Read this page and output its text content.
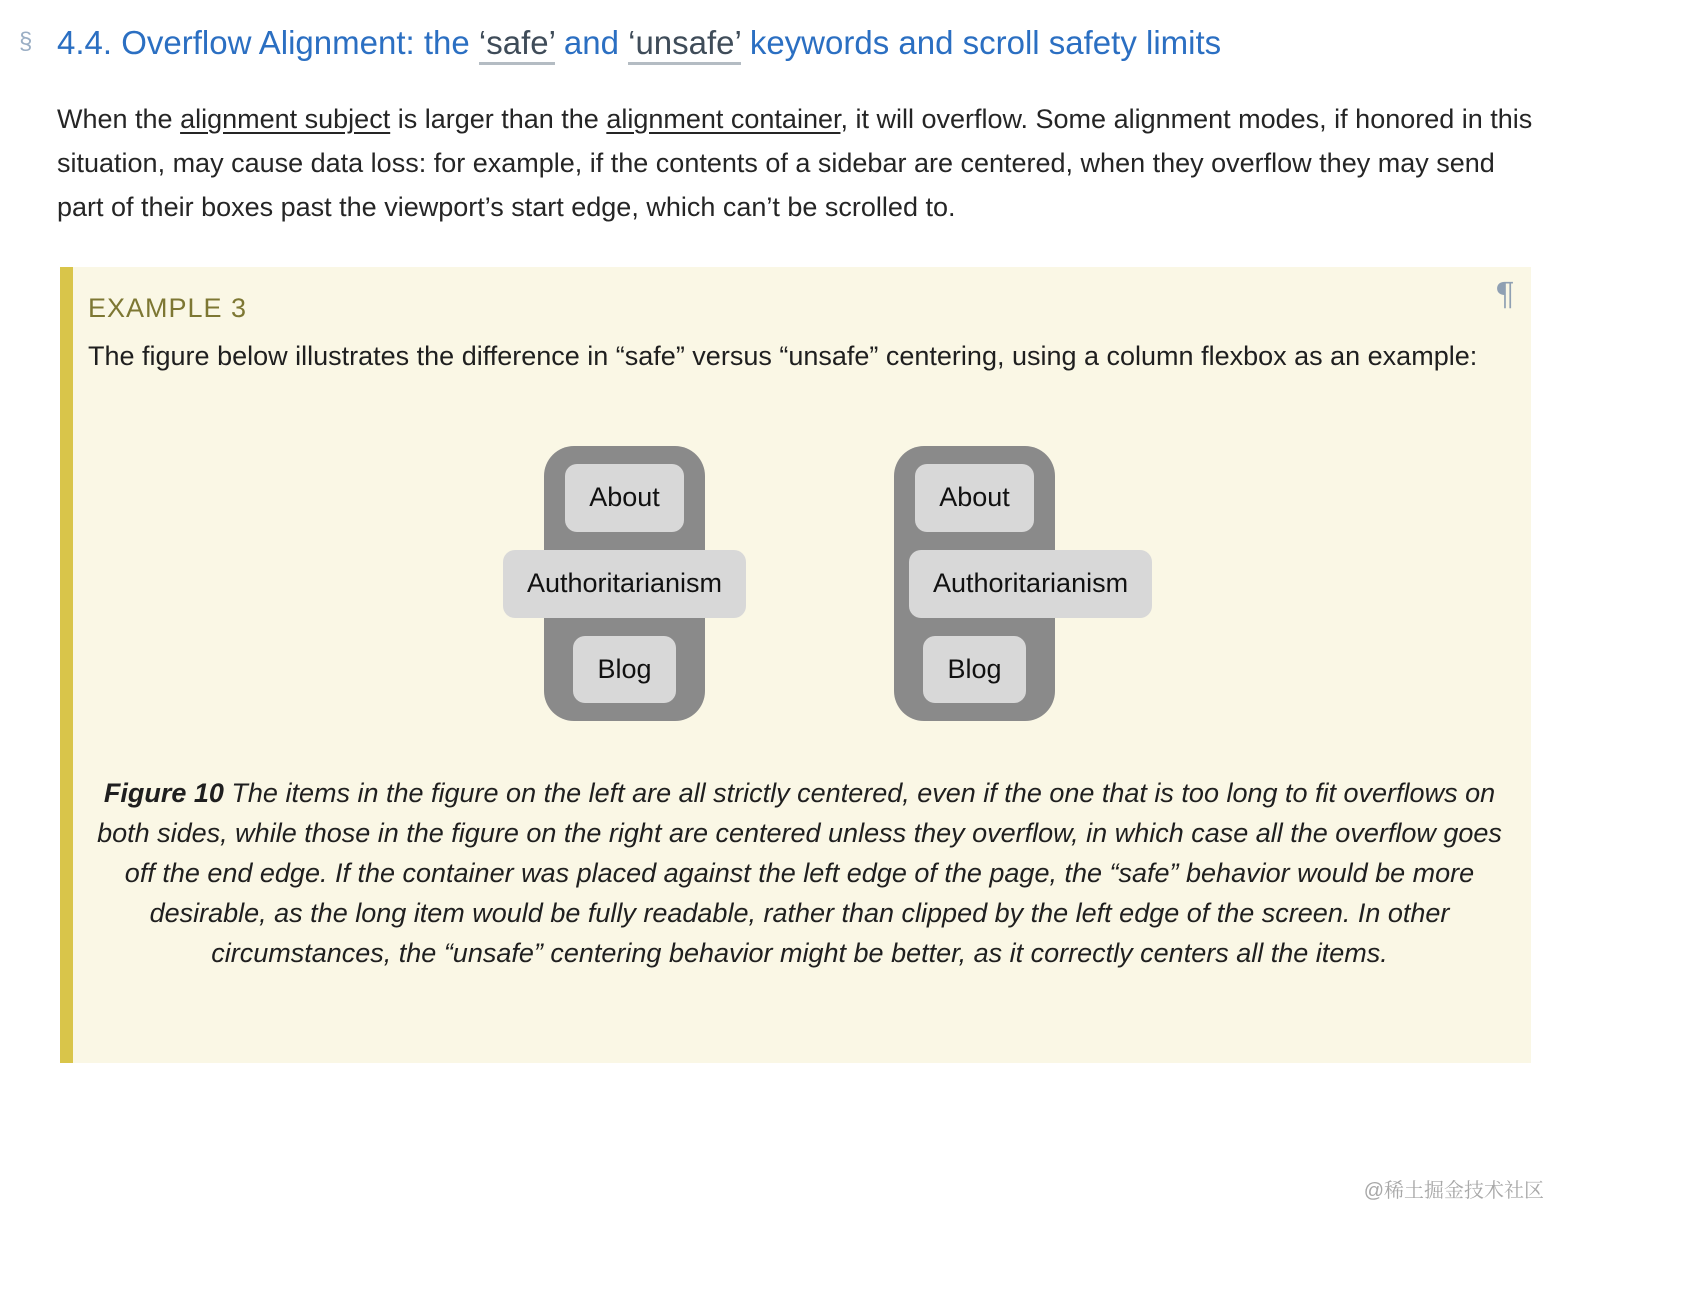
§ 4.4. Overflow Alignment: the ‘safe’ and ‘unsafe’ keywords and scroll safety limits

When the alignment subject is larger than the alignment container, it will overflow. Some alignment modes, if honored in this situation, may cause data loss: for example, if the contents of a sidebar are centered, when they overflow they may send part of their boxes past the viewport’s start edge, which can’t be scrolled to.

¶
EXAMPLE 3

The figure below illustrates the difference in “safe” versus “unsafe” centering, using a column flexbox as an example:

About
Authoritarianism
Blog
About
Authoritarianism
Blog

Figure 10 The items in the figure on the left are all strictly centered, even if the one that is too long to fit overflows on both sides, while those in the figure on the right are centered unless they overflow, in which case all the overflow goes off the end edge. If the container was placed against the left edge of the page, the “safe” behavior would be more desirable, as the long item would be fully readable, rather than clipped by the left edge of the screen. In other circumstances, the “unsafe” centering behavior might be better, as it correctly centers all the items.

@稀土掘金技术社区
